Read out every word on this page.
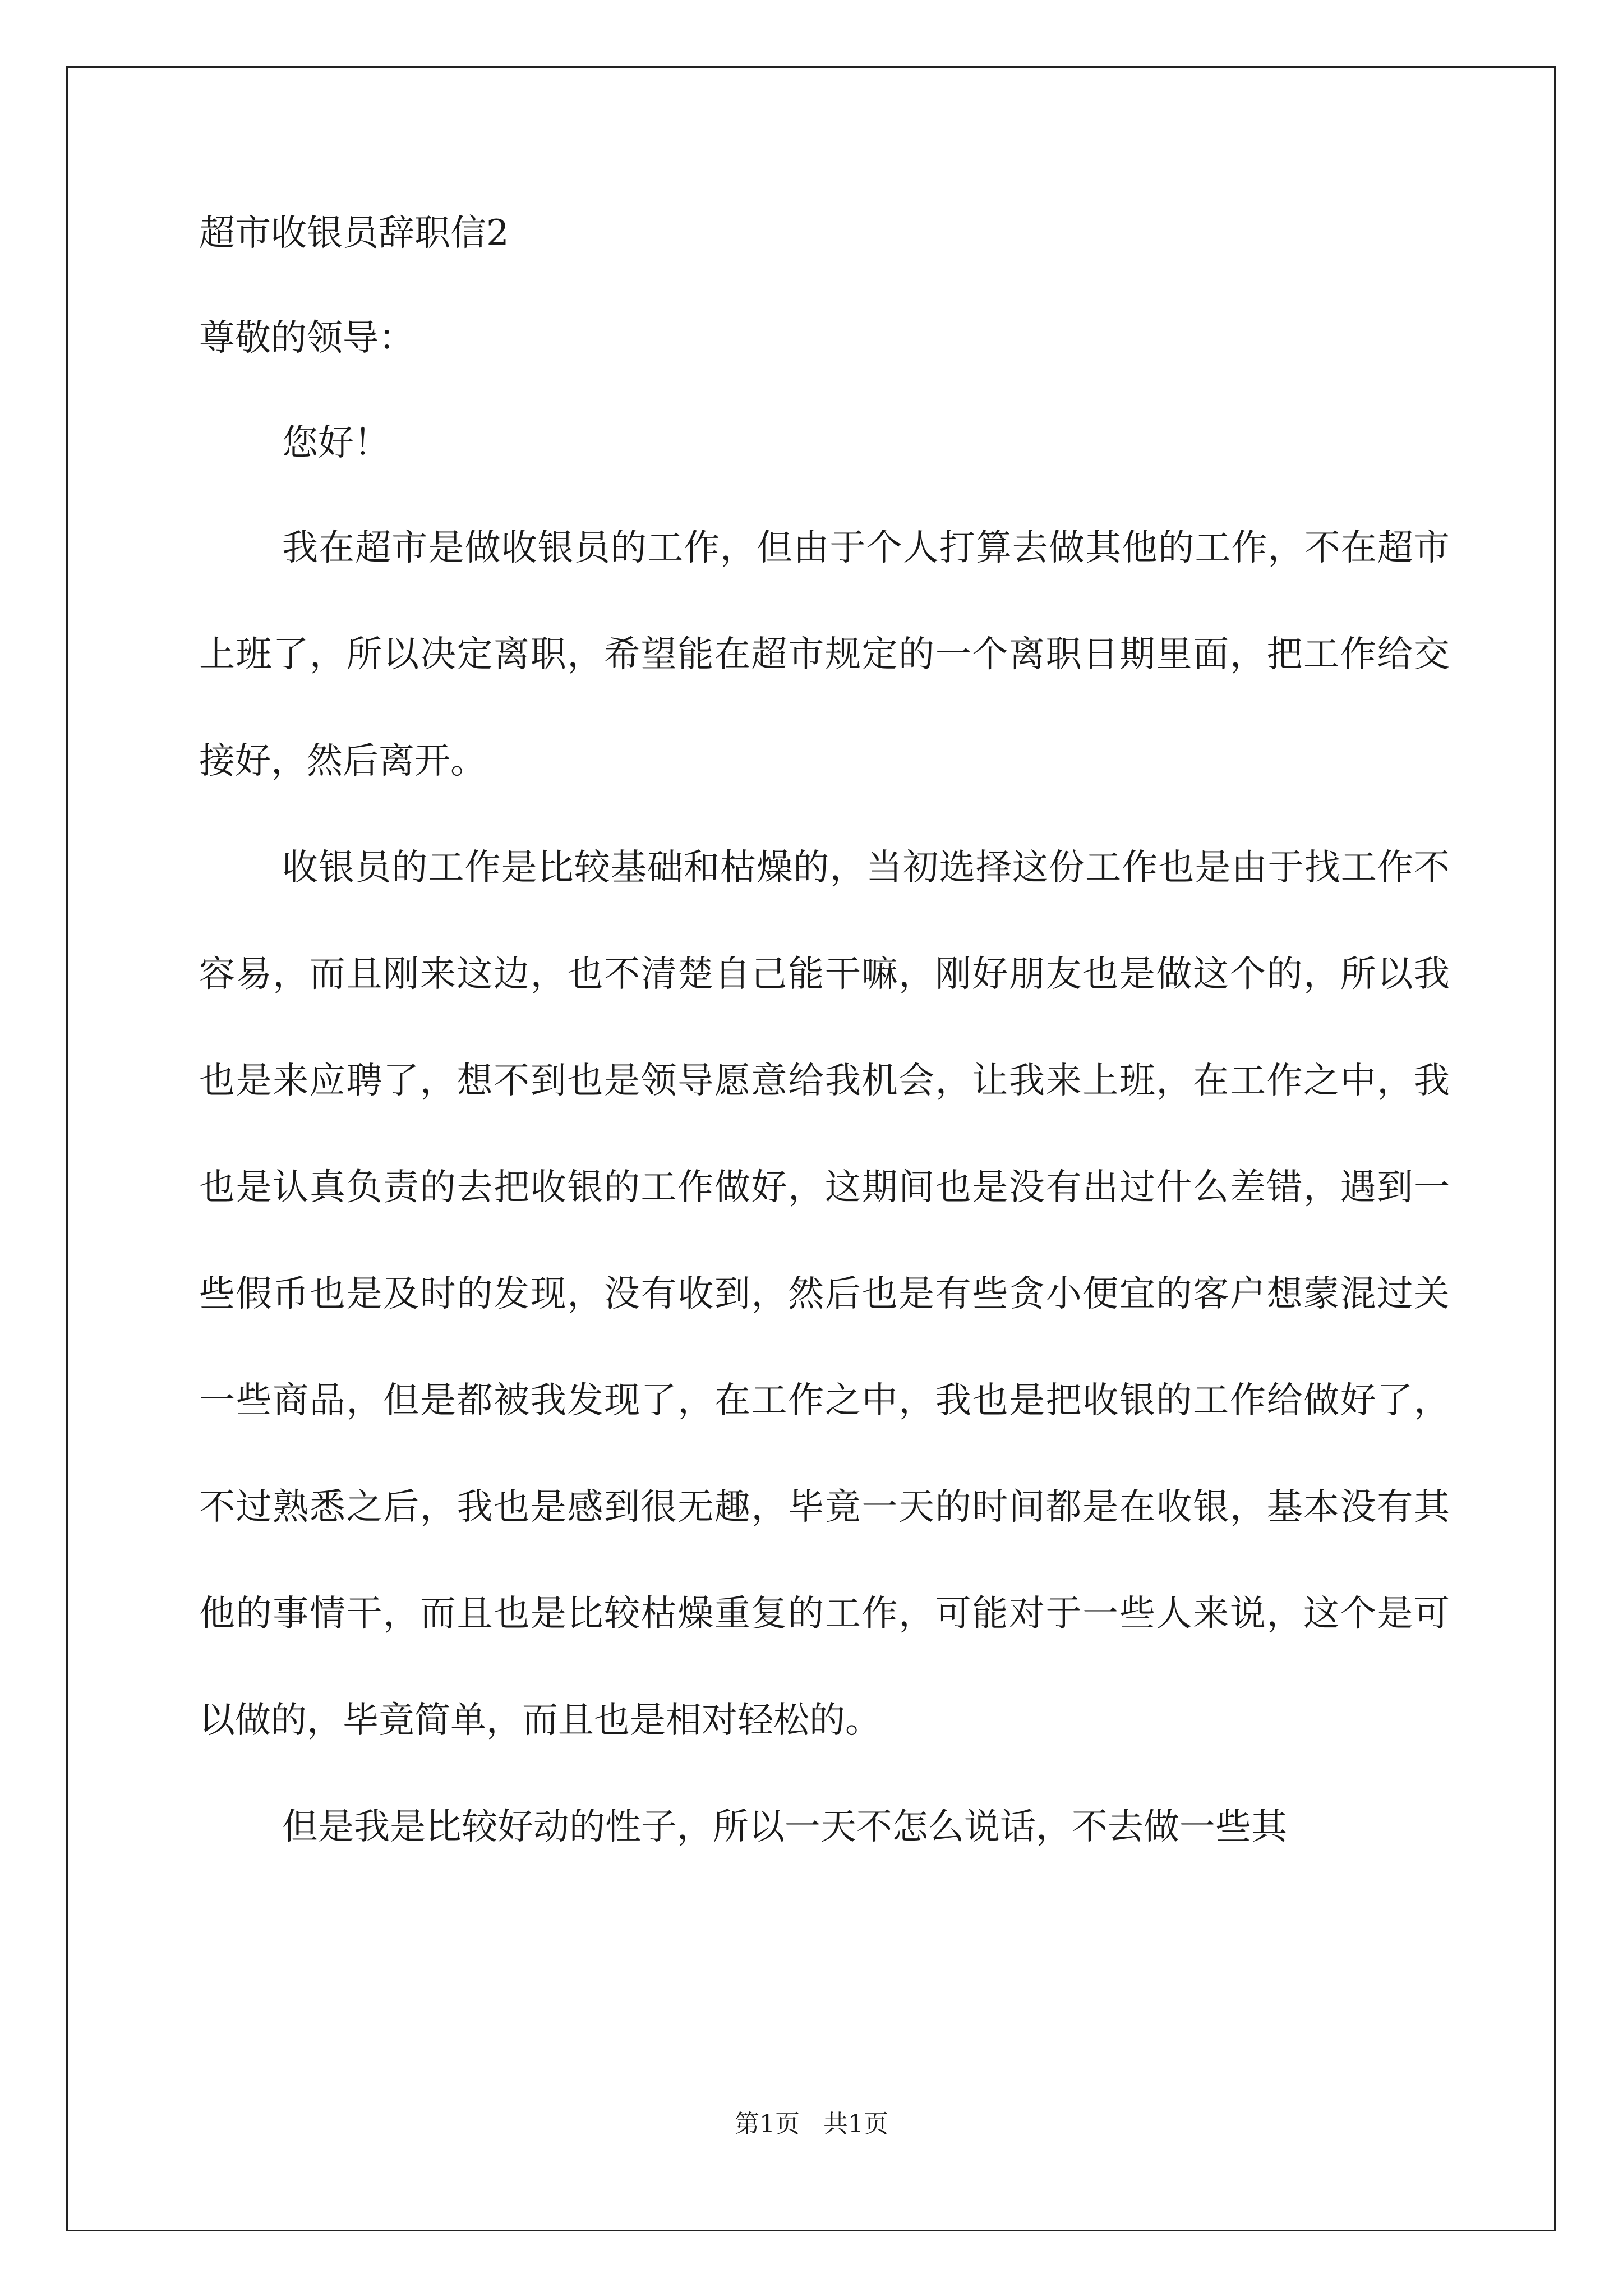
超市收银员辞职信2

尊敬的领导：

您好！

我在超市是做收银员的工作，但由于个人打算去做其他的工作，不在超市上班了，所以决定离职，希望能在超市规定的一个离职日期里面，把工作给交接好，然后离开。

收银员的工作是比较基础和枯燥的，当初选择这份工作也是由于找工作不容易，而且刚来这边，也不清楚自己能干嘛，刚好朋友也是做这个的，所以我也是来应聘了，想不到也是领导愿意给我机会，让我来上班，在工作之中，我也是认真负责的去把收银的工作做好，这期间也是没有出过什么差错，遇到一些假币也是及时的发现，没有收到，然后也是有些贪小便宜的客户想蒙混过关一些商品，但是都被我发现了，在工作之中，我也是把收银的工作给做好了，不过熟悉之后，我也是感到很无趣，毕竟一天的时间都是在收银，基本没有其他的事情干，而且也是比较枯燥重复的工作，可能对于一些人来说，这个是可以做的，毕竟简单，而且也是相对轻松的。

但是我是比较好动的性子，所以一天不怎么说话，不去做一些其

第1页   共1页
